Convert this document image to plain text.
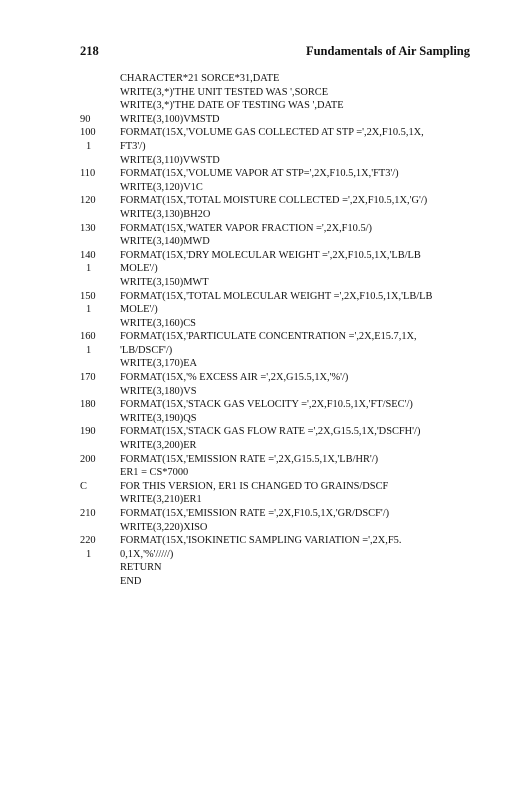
218	Fundamentals of Air Sampling
CHARACTER*21 SORCE*31,DATE
WRITE(3,*)'THE UNIT TESTED WAS ',SORCE
WRITE(3,*)'THE DATE OF TESTING WAS ',DATE
90	WRITE(3,100)VMSTD
100	FORMAT(15X,'VOLUME GAS COLLECTED AT STP =',2X,F10.5,1X,
1	FT3'/)
WRITE(3,110)VWSTD
110	FORMAT(15X,'VOLUME VAPOR AT STP=',2X,F10.5,1X,'FT3'/)
WRITE(3,120)V1C
120	FORMAT(15X,'TOTAL MOISTURE COLLECTED =',2X,F10.5,1X,'G'/)
WRITE(3,130)BH2O
130	FORMAT(15X,'WATER VAPOR FRACTION =',2X,F10.5/)
WRITE(3,140)MWD
140	FORMAT(15X,'DRY MOLECULAR WEIGHT =',2X,F10.5,1X,'LB/LB
1	MOLE'/)
WRITE(3,150)MWT
150	FORMAT(15X,'TOTAL MOLECULAR WEIGHT =',2X,F10.5,1X,'LB/LB
1	MOLE'/)
WRITE(3,160)CS
160	FORMAT(15X,'PARTICULATE CONCENTRATION =',2X,E15.7,1X,
1	'LB/DSCF'/)
WRITE(3,170)EA
170	FORMAT(15X,'% EXCESS AIR =',2X,G15.5,1X,'%'/)
WRITE(3,180)VS
180	FORMAT(15X,'STACK GAS VELOCITY =',2X,F10.5,1X,'FT/SEC'/)
WRITE(3,190)QS
190	FORMAT(15X,'STACK GAS FLOW RATE =',2X,G15.5,1X,'DSCFH'/)
WRITE(3,200)ER
200	FORMAT(15X,'EMISSION RATE =',2X,G15.5,1X,'LB/HR'/)
ER1 = CS*7000
C	FOR THIS VERSION, ER1 IS CHANGED TO GRAINS/DSCF
WRITE(3,210)ER1
210	FORMAT(15X,'EMISSION RATE =',2X,F10.5,1X,'GR/DSCF'/)
WRITE(3,220)XISO
220	FORMAT(15X,'ISOKINETIC SAMPLING VARIATION =',2X,F5.
1	0,1X,'%'/////)
RETURN
END
